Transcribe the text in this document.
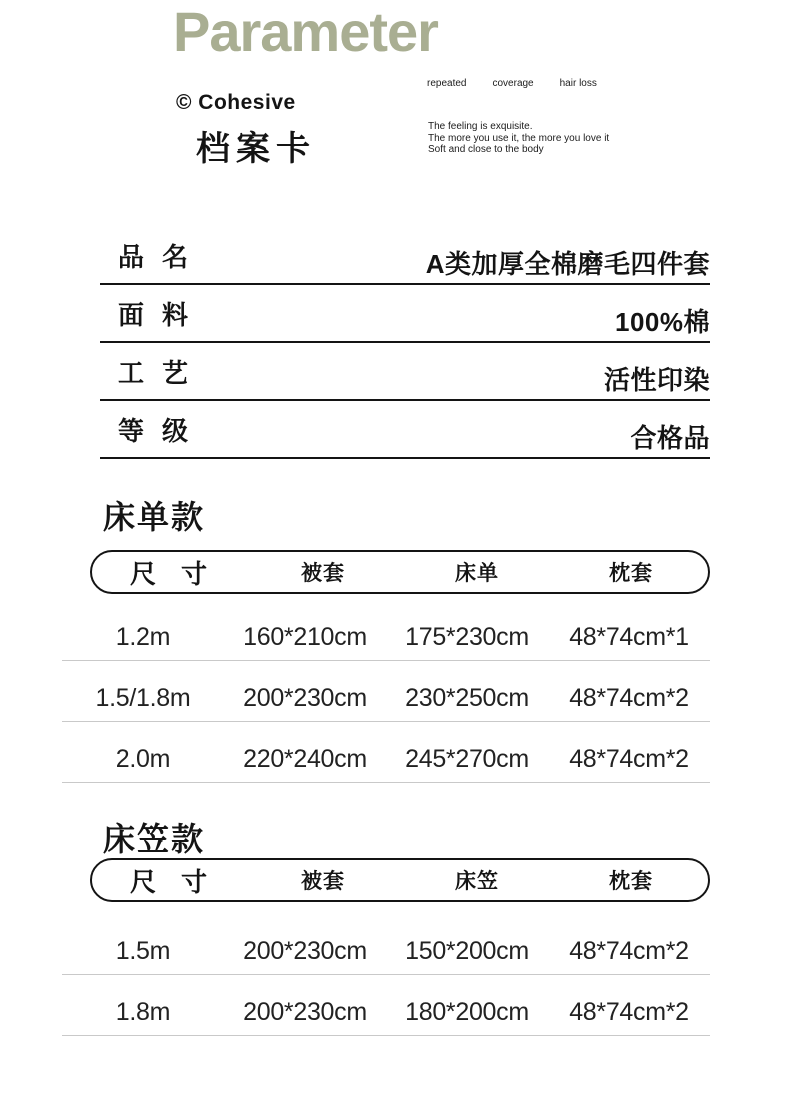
Parameter
© Cohesive
档案卡
repeated	coverage	hair loss
The feeling is exquisite.
The more you use it, the more you love it
Soft and close to the body
品 名	A类加厚全棉磨毛四件套
面 料	100%棉
工 艺	活性印染
等 级	合格品
床单款
尺 寸	被套	床单	枕套
1.2m	160*210cm	175*230cm	48*74cm*1
1.5/1.8m	200*230cm	230*250cm	48*74cm*2
2.0m	220*240cm	245*270cm	48*74cm*2
床笠款
尺 寸	被套	床笠	枕套
1.5m	200*230cm	150*200cm	48*74cm*2
1.8m	200*230cm	180*200cm	48*74cm*2
